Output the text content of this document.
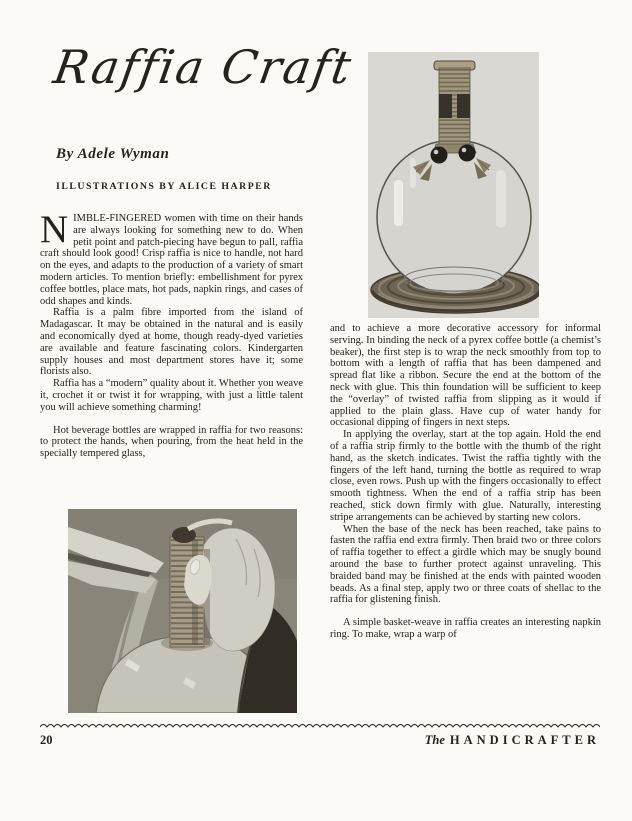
Raffia Craft
By Adele Wyman
ILLUSTRATIONS BY ALICE HARPER

NIMBLE-FINGERED women with time on their hands are always looking for something new to do. When petit point and patch-piecing have begun to pall, raffia craft should look good! Crisp raffia is nice to handle, not hard on the eyes, and adapts to the production of a variety of smart modern articles. To mention briefly: embellishment for pyrex coffee bottles, place mats, hot pads, napkin rings, and cases of odd shapes and kinds.

Raffia is a palm fibre imported from the island of Madagascar. It may be obtained in the natural and is easily and economically dyed at home, though ready-dyed varieties are available and feature fascinating colors. Kindergarten supply houses and most department stores have it; some florists also.

Raffia has a “modern” quality about it. Whether you weave it, crochet it or twist it for wrapping, with just a little talent you will achieve something charming!

Hot beverage bottles are wrapped in raffia for two reasons: to protect the hands, when pouring, from the heat held in the specially tempered glass,

and to achieve a more decorative accessory for informal serving. In binding the neck of a pyrex coffee bottle (a chemist’s beaker), the first step is to wrap the neck smoothly from top to bottom with a length of raffia that has been dampened and spread flat like a ribbon. Secure the end at the bottom of the neck with glue. This thin foundation will be sufficient to keep the “overlay” of twisted raffia from slipping as it would if applied to the plain glass. Have cup of water handy for occasional dipping of fingers in next steps.

In applying the overlay, start at the top again. Hold the end of a raffia strip firmly to the bottle with the thumb of the right hand, as the sketch indicates. Twist the raffia tightly with the fingers of the left hand, turning the bottle as required to wrap close, even rows. Push up with the fingers occasionally to effect smooth tightness. When the end of a raffia strip has been reached, stick down firmly with glue. Naturally, interesting stripe arrangements can be achieved by starting new colors.

When the base of the neck has been reached, take pains to fasten the raffia end extra firmly. Then braid two or three colors of raffia together to effect a girdle which may be snugly bound around the base to further protect against unraveling. This braided band may be finished at the ends with painted wooden beads. As a final step, apply two or three coats of shellac to the raffia for glistening finish.

A simple basket-weave in raffia creates an interesting napkin ring. To make, wrap a warp of

20	The HANDICRAFTER
